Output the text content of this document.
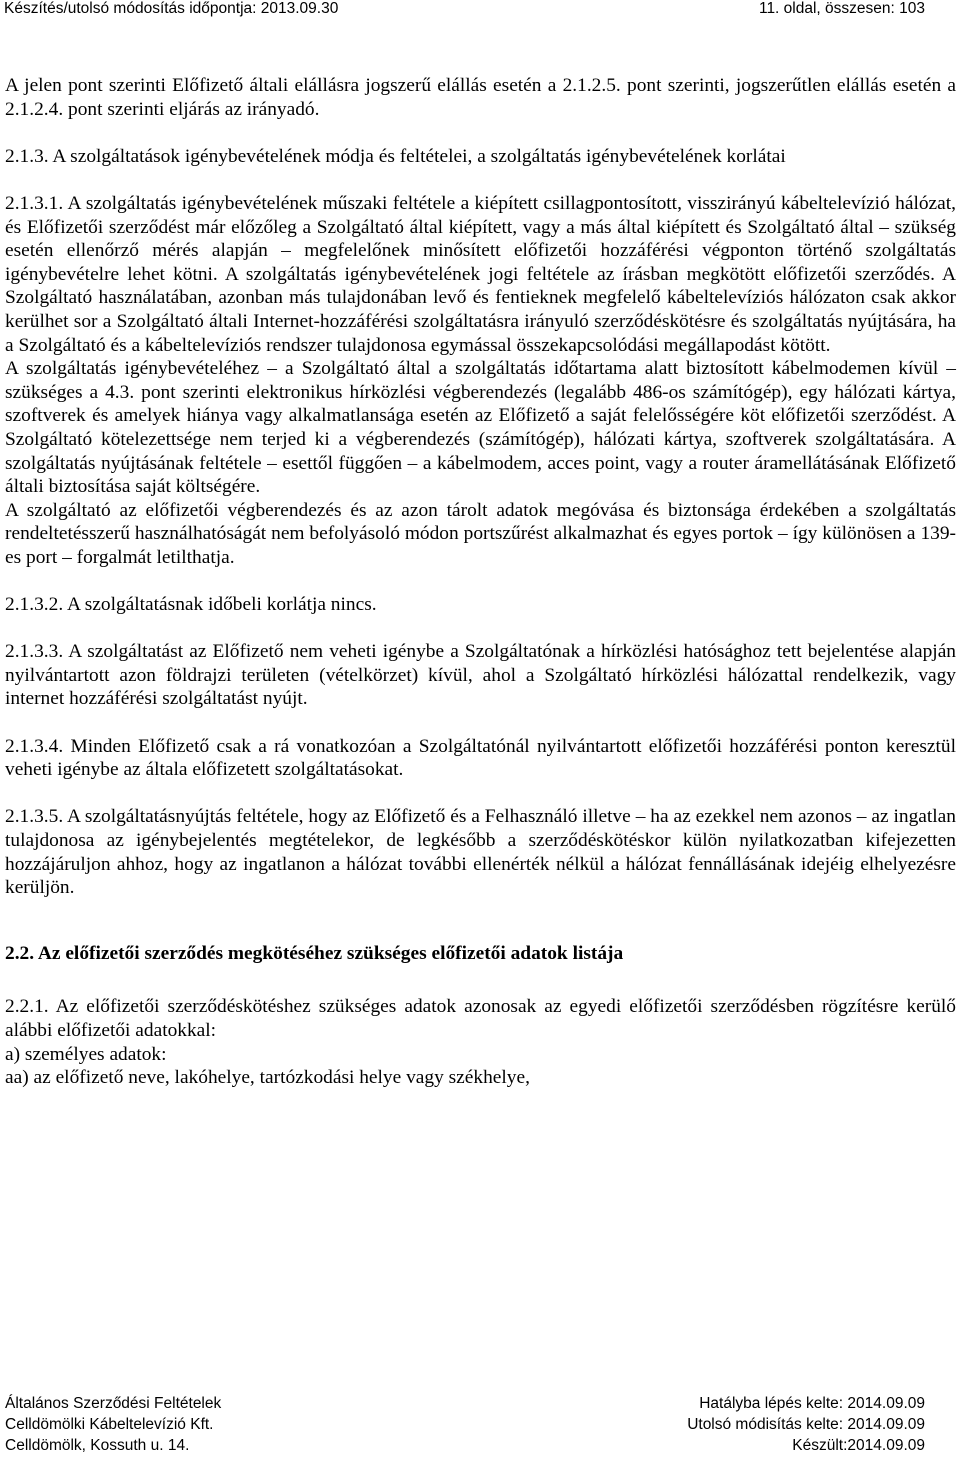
Készítés/utolsó módosítás időpontja: 2013.09.30	11. oldal, összesen: 103

A jelen pont szerinti Előfizető általi elállásra jogszerű elállás esetén a 2.1.2.5. pont szerinti, jogszerűtlen elállás esetén a 2.1.2.4. pont szerinti eljárás az irányadó.

2.1.3. A szolgáltatások igénybevételének módja és feltételei, a szolgáltatás igénybevételének korlátai

2.1.3.1. A szolgáltatás igénybevételének műszaki feltétele a kiépített csillagpontosított, visszirányú kábeltelevízió hálózat, és Előfizetői szerződést már előzőleg a Szolgáltató által kiépített, vagy a más által kiépített és Szolgáltató által – szükség esetén ellenőrző mérés alapján – megfelelőnek minősített előfizetői hozzáférési végponton történő szolgáltatás igénybevételre lehet kötni. A szolgáltatás igénybevételének jogi feltétele az írásban megkötött előfizetői szerződés. A Szolgáltató használatában, azonban más tulajdonában levő és fentieknek megfelelő kábeltelevíziós hálózaton csak akkor kerülhet sor a Szolgáltató általi Internet-hozzáférési szolgáltatásra irányuló szerződéskötésre és szolgáltatás nyújtására, ha a Szolgáltató és a kábeltelevíziós rendszer tulajdonosa egymással összekapcsolódási megállapodást kötött.

A szolgáltatás igénybevételéhez – a Szolgáltató által a szolgáltatás időtartama alatt biztosított kábelmodemen kívül – szükséges a 4.3. pont szerinti elektronikus hírközlési végberendezés (legalább 486-os számítógép), egy hálózati kártya, szoftverek és amelyek hiánya vagy alkalmatlansága esetén az Előfizető a saját felelősségére köt előfizetői szerződést. A Szolgáltató kötelezettsége nem terjed ki a végberendezés (számítógép), hálózati kártya, szoftverek szolgáltatására. A szolgáltatás nyújtásának feltétele – esettől függően – a kábelmodem, acces point, vagy a router áramellátásának Előfizető általi biztosítása saját költségére.

A szolgáltató az előfizetői végberendezés és az azon tárolt adatok megóvása és biztonsága érdekében a szolgáltatás rendeltetésszerű használhatóságát nem befolyásoló módon portszűrést alkalmazhat és egyes portok – így különösen a 139-es port – forgalmát letilthatja.

2.1.3.2. A szolgáltatásnak időbeli korlátja nincs.

2.1.3.3. A szolgáltatást az Előfizető nem veheti igénybe a Szolgáltatónak a hírközlési hatósághoz tett bejelentése alapján nyilvántartott azon földrajzi területen (vételkörzet) kívül, ahol a Szolgáltató hírközlési hálózattal rendelkezik, vagy internet hozzáférési szolgáltatást nyújt.

2.1.3.4. Minden Előfizető csak a rá vonatkozóan a Szolgáltatónál nyilvántartott előfizetői hozzáférési ponton keresztül veheti igénybe az általa előfizetett szolgáltatásokat.

2.1.3.5. A szolgáltatásnyújtás feltétele, hogy az Előfizető és a Felhasználó illetve – ha az ezekkel nem azonos – az ingatlan tulajdonosa az igénybejelentés megtételekor, de legkésőbb a szerződéskötéskor külön nyilatkozatban kifejezetten hozzájáruljon ahhoz, hogy az ingatlanon a hálózat további ellenérték nélkül a hálózat fennállásának idejéig elhelyezésre kerüljön.

2.2. Az előfizetői szerződés megkötéséhez szükséges előfizetői adatok listája

2.2.1. Az előfizetői szerződéskötéshez szükséges adatok azonosak az egyedi előfizetői szerződésben rögzítésre kerülő alábbi előfizetői adatokkal:

a) személyes adatok:

aa) az előfizető neve, lakóhelye, tartózkodási helye vagy székhelye,

Általános Szerződési Feltételek	Hatályba lépés kelte: 2014.09.09
Celldömölki Kábeltelevízió Kft.	Utolsó módisítás kelte: 2014.09.09
Celldömölk, Kossuth u. 14.	Készült:2014.09.09
